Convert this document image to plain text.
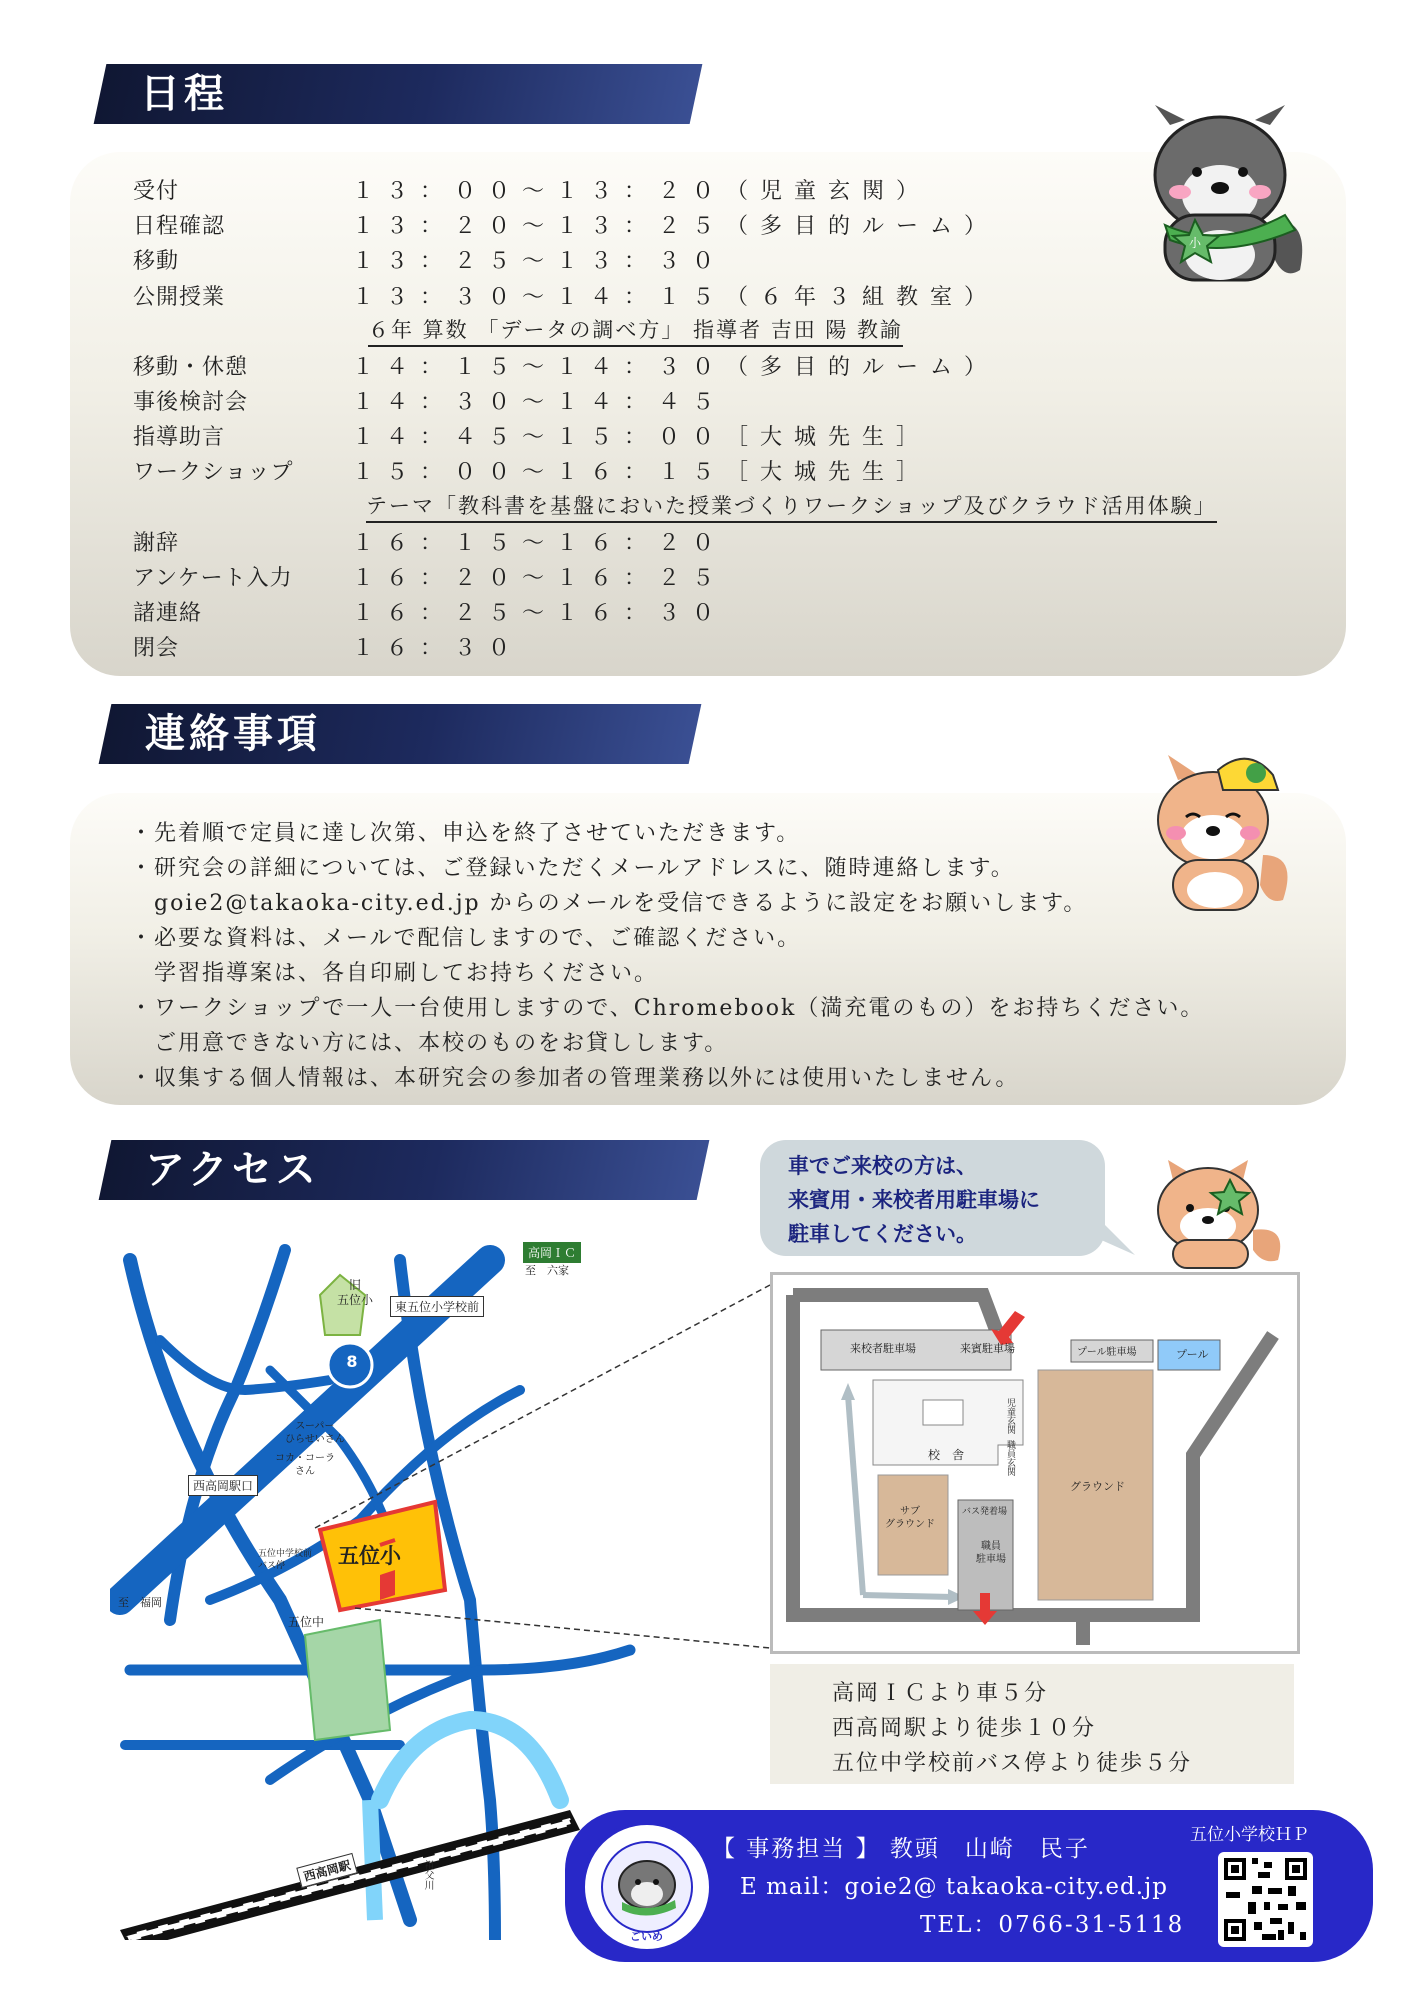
日程
受付	１３：００〜１３：２０（児童玄関）
日程確認	１３：２０〜１３：２５（多目的ルーム）
移動	１３：２５〜１３：３０
公開授業	１３：３０〜１４：１５（６年３組教室）
移動・休憩	１４：１５〜１４：３０（多目的ルーム）
事後検討会	１４：３０〜１４：４５
指導助言	１４：４５〜１５：００［大城先生］
ワークショップ	１５：００〜１６：１５［大城先生］
謝辞	１６：１５〜１６：２０
アンケート入力	１６：２０〜１６：２５
諸連絡	１６：２５〜１６：３０
閉会	１６：３０
６年 算数 「データの調べ方」 指導者 吉田 陽 教諭
テーマ「教科書を基盤においた授業づくりワークショップ及びクラウド活用体験」
小
連絡事項
・先着順で定員に達し次第、申込を終了させていただきます。
・研究会の詳細については、ご登録いただくメールアドレスに、随時連絡します。
　goie2@takaoka-city.ed.jp からのメールを受信できるように設定をお願いします。
・必要な資料は、メールで配信しますので、ご確認ください。
　学習指導案は、各自印刷してお持ちください。
・ワークショップで一人一台使用しますので、Chromebook（満充電のもの）をお持ちください。
　ご用意できない方には、本校のものをお貸しします。
・収集する個人情報は、本研究会の参加者の管理業務以外には使用いたしません。
アクセス	車でご来校の方は、
来賓用・来校者用駐車場に
駐車してください。
高岡ＩＣ
至　六家
旧
五位小	東五位小学校前
8
スーパー
ひらせいさん
コカ・コーラ
さん
西高岡駅口
五位小
五位中学校前
バス停
五位中
至　福岡
西高岡駅	祖父川
来校者駐車場	来賓駐車場	プール駐車場	プール
校　舎
児童玄関
職員玄関
グラウンド
サブ
グラウンド
バス発着場
職員
駐車場
高岡ＩＣより車５分
西高岡駅より徒歩１０分
五位中学校前バス停より徒歩５分
ごいめ
【 事務担当 】 教頭　山崎　民子
E mail：goie2@ takaoka-city.ed.jp
TEL：0766-31-5118
五位小学校ＨＰ
